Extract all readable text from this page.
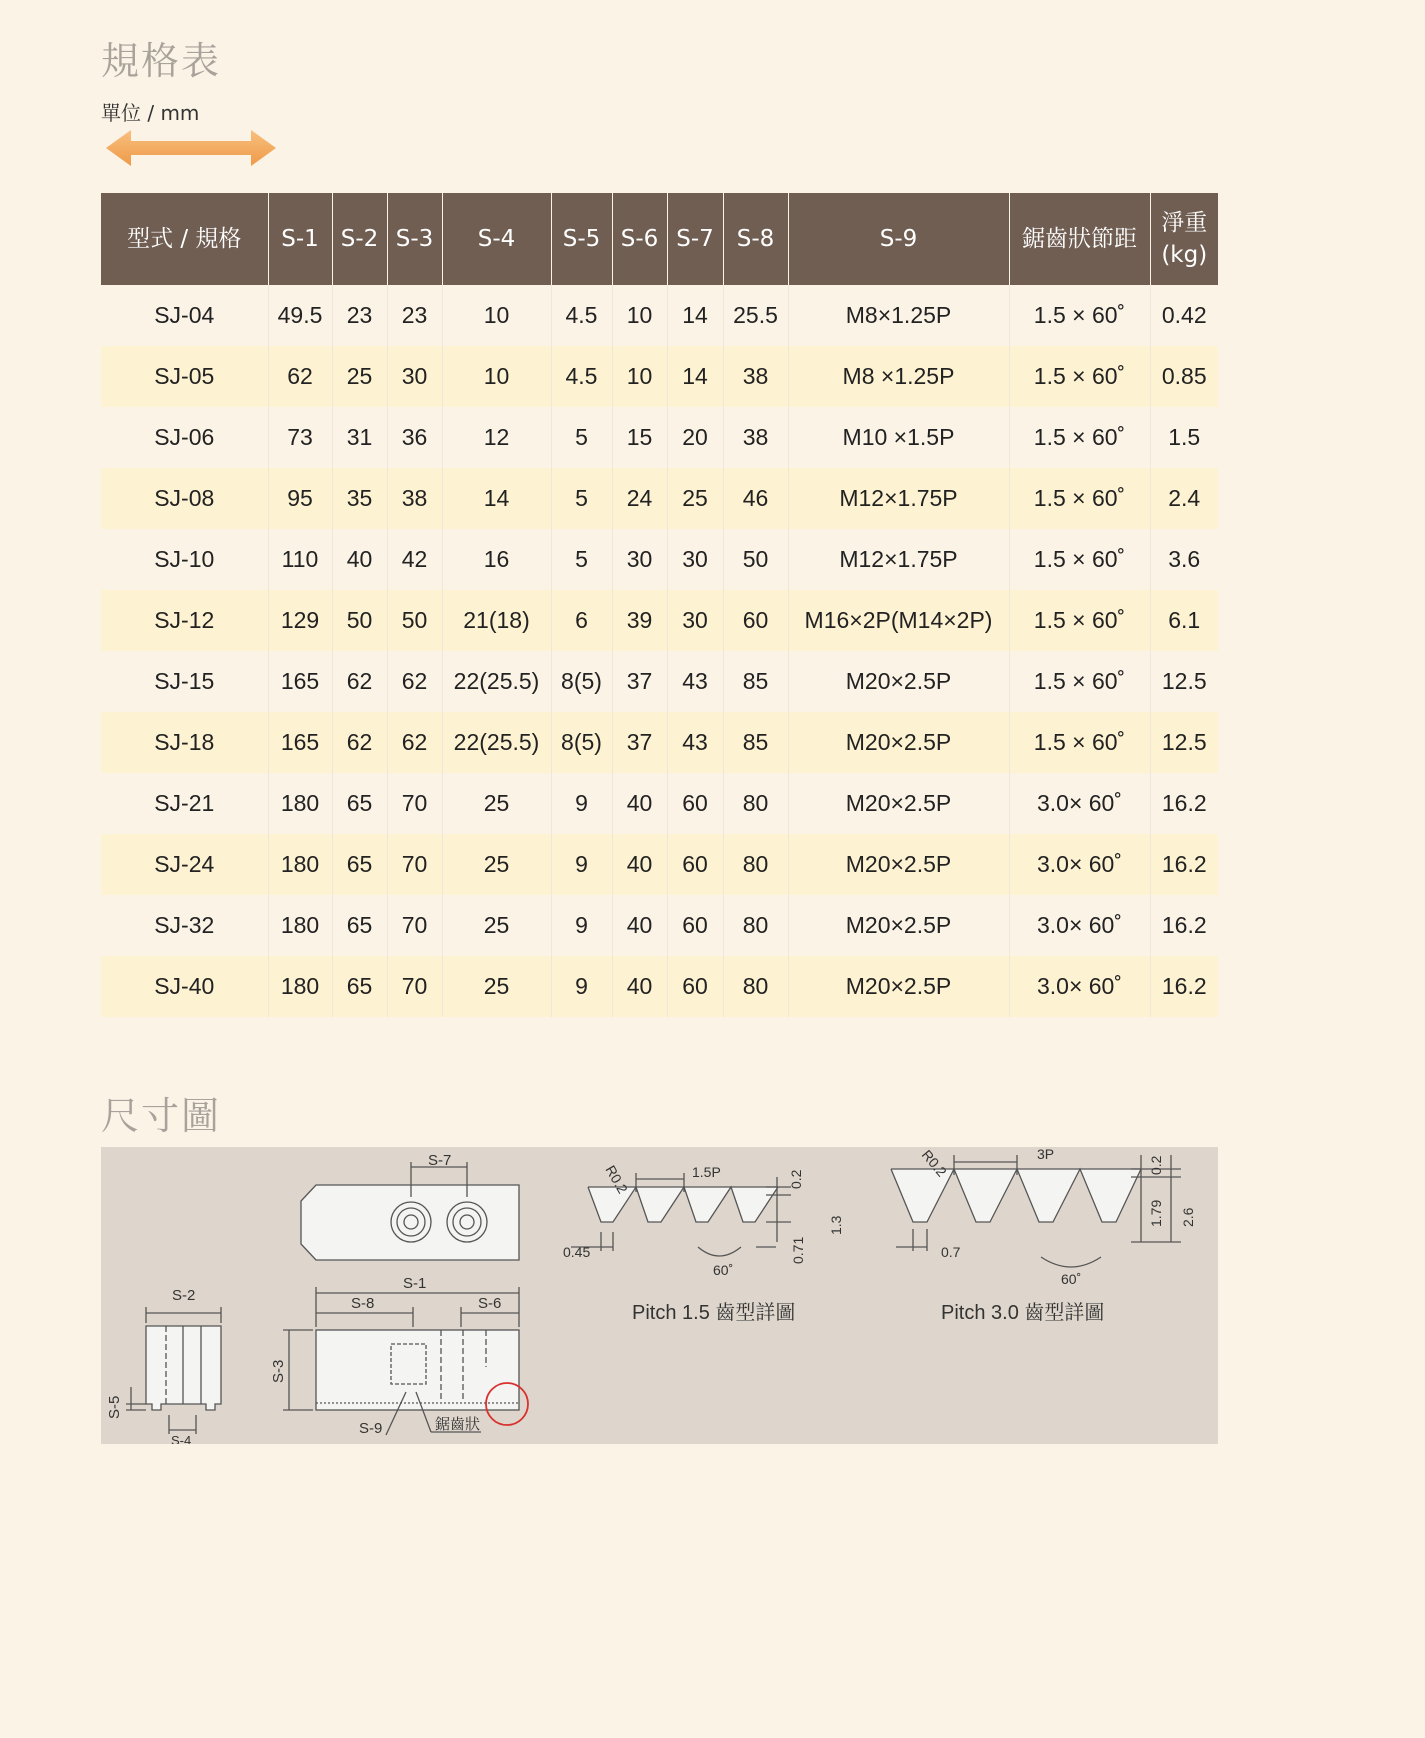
規格表
單位 / mm
型式 / 規格	S-1	S-2	S-3	S-4	S-5	S-6	S-7	S-8	S-9	鋸齒狀節距	淨重
(kg)
SJ-04	49.5	23	23	10	4.5	10	14	25.5	M8×1.25P	1.5 × 60˚	0.42
SJ-05	62	25	30	10	4.5	10	14	38	M8 ×1.25P	1.5 × 60˚	0.85
SJ-06	73	31	36	12	5	15	20	38	M10 ×1.5P	1.5 × 60˚	1.5
SJ-08	95	35	38	14	5	24	25	46	M12×1.75P	1.5 × 60˚	2.4
SJ-10	110	40	42	16	5	30	30	50	M12×1.75P	1.5 × 60˚	3.6
SJ-12	129	50	50	21(18)	6	39	30	60	M16×2P(M14×2P)	1.5 × 60˚	6.1
SJ-15	165	62	62	22(25.5)	8(5)	37	43	85	M20×2.5P	1.5 × 60˚	12.5
SJ-18	165	62	62	22(25.5)	8(5)	37	43	85	M20×2.5P	1.5 × 60˚	12.5
SJ-21	180	65	70	25	9	40	60	80	M20×2.5P	3.0× 60˚	16.2
SJ-24	180	65	70	25	9	40	60	80	M20×2.5P	3.0× 60˚	16.2
SJ-32	180	65	70	25	9	40	60	80	M20×2.5P	3.0× 60˚	16.2
SJ-40	180	65	70	25	9	40	60	80	M20×2.5P	3.0× 60˚	16.2
尺寸圖
S-2
S-4
S-5
S-7
S-1
S-8	S-6
S-3
S-9	鋸齒狀
R0.2	1.5P	0.2
1.3
0.71
0.45
60˚
Pitch 1.5 齒型詳圖
R0.2	3P
0.2
1.79 2.6
0.7
60˚
Pitch 3.0 齒型詳圖
